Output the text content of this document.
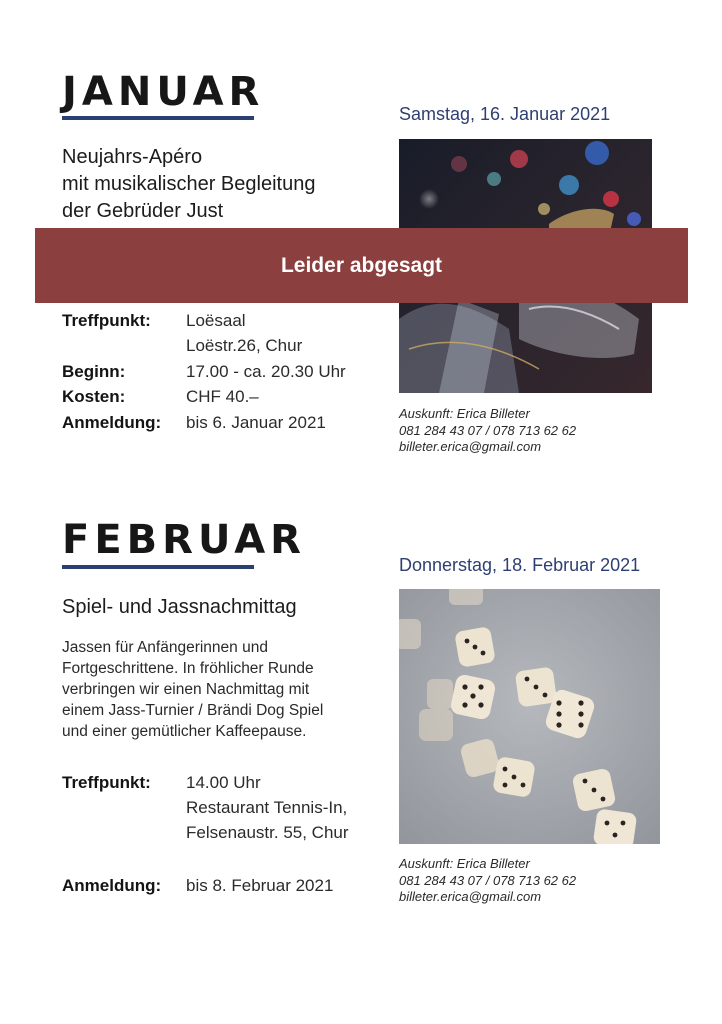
JANUAR	Samstag, 16. Januar 2021
Neujahrs-Apéro
mit musikalischer Begleitung
der Gebrüder Just
Leider abgesagt
Treffpunkt: Loësaal
Loëstr.26, Chur
Beginn:	17.00 - ca. 20.30 Uhr
Kosten:	CHF 40.–
Anmeldung: bis 6. Januar 2021	Auskunft: Erica Billeter
081 284 43 07 / 078 713 62 62
billeter.erica@gmail.com
FEBRUAR
Donnerstag, 18. Februar 2021
Spiel- und Jassnachmittag
Jassen für Anfängerinnen und
Fortgeschrittene. In fröhlicher Runde
verbringen wir einen Nachmittag mit
einem Jass-Turnier / Brändi Dog Spiel
und einer gemütlicher Kaffeepause.
Treffpunkt: 14.00 Uhr
Restaurant Tennis-In,
Felsenaustr. 55, Chur
Anmeldung: bis 8. Februar 2021
Auskunft: Erica Billeter
081 284 43 07 / 078 713 62 62
billeter.erica@gmail.com
